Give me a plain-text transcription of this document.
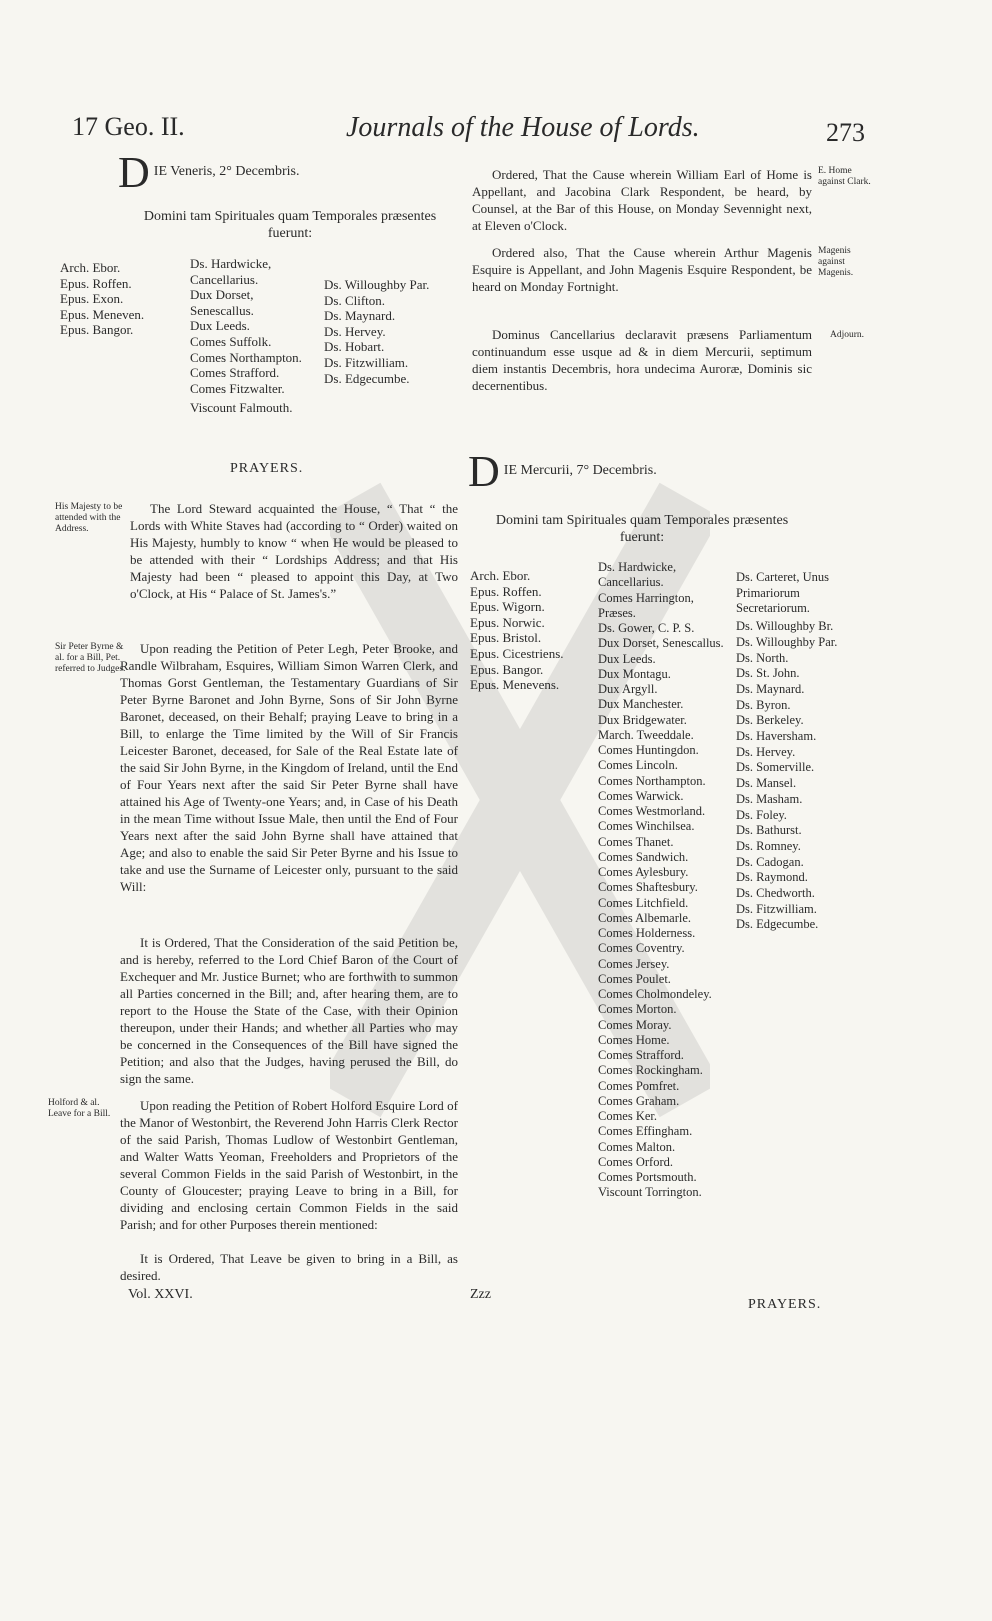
17 Geo. II.	Journals of the House of Lords.	273
D IE Veneris, 2° Decembris.
Domini tam Spirituales quam Temporales præsentes fuerunt:
Arch. Ebor.
Epus. Roffen.
Epus. Exon.
Epus. Meneven.
Epus. Bangor.
Ds. Hardwicke, Cancellarius.
Dux Dorset, Senescallus.
Dux Leeds.
Comes Suffolk.
Comes Northampton.
Comes Strafford.
Comes Fitzwalter.
Viscount Falmouth.
Ds. Willoughby Par.
Ds. Clifton.
Ds. Maynard.
Ds. Hervey.
Ds. Hobart.
Ds. Fitzwilliam.
Ds. Edgecumbe.
PRAYERS.
His Majesty to be attended with the Address.
The Lord Steward acquainted the House, “ That “ the Lords with White Staves had (according to “ Order) waited on His Majesty, humbly to know “ when He would be pleased to be attended with their “ Lordships Address; and that His Majesty had been “ pleased to appoint this Day, at Two o'Clock, at His “ Palace of St. James's.”
Sir Peter Byrne & al. for a Bill, Pet. referred to Judges.
Upon reading the Petition of Peter Legh, Peter Brooke, and Randle Wilbraham, Esquires, William Simon Warren Clerk, and Thomas Gorst Gentleman, the Testamentary Guardians of Sir Peter Byrne Baronet and John Byrne, Sons of Sir John Byrne Baronet, deceased, on their Behalf; praying Leave to bring in a Bill, to enlarge the Time limited by the Will of Sir Francis Leicester Baronet, deceased, for Sale of the Real Estate late of the said Sir John Byrne, in the Kingdom of Ireland, until the End of Four Years next after the said Sir Peter Byrne shall have attained his Age of Twenty-one Years; and, in Case of his Death in the mean Time without Issue Male, then until the End of Four Years next after the said John Byrne shall have attained that Age; and also to enable the said Sir Peter Byrne and his Issue to take and use the Surname of Leicester only, pursuant to the said Will:
It is Ordered, That the Consideration of the said Petition be, and is hereby, referred to the Lord Chief Baron of the Court of Exchequer and Mr. Justice Burnet; who are forthwith to summon all Parties concerned in the Bill; and, after hearing them, are to report to the House the State of the Case, with their Opinion thereupon, under their Hands; and whether all Parties who may be concerned in the Consequences of the Bill have signed the Petition; and also that the Judges, having perused the Bill, do sign the same.
Holford & al. Leave for a Bill.
Upon reading the Petition of Robert Holford Esquire Lord of the Manor of Westonbirt, the Reverend John Harris Clerk Rector of the said Parish, Thomas Ludlow of Westonbirt Gentleman, and Walter Watts Yeoman, Freeholders and Proprietors of the several Common Fields in the said Parish of Westonbirt, in the County of Gloucester; praying Leave to bring in a Bill, for dividing and enclosing certain Common Fields in the said Parish; and for other Purposes therein mentioned:
It is Ordered, That Leave be given to bring in a Bill, as desired.
Vol. XXVI.
E. Home against Clark.
Ordered, That the Cause wherein William Earl of Home is Appellant, and Jacobina Clark Respondent, be heard, by Counsel, at the Bar of this House, on Monday Sevennight next, at Eleven o'Clock.
Magenis against Magenis.
Ordered also, That the Cause wherein Arthur Magenis Esquire is Appellant, and John Magenis Esquire Respondent, be heard on Monday Fortnight.
Adjourn.
Dominus Cancellarius declaravit præsens Parliamentum continuandum esse usque ad & in diem Mercurii, septimum diem instantis Decembris, hora undecima Auroræ, Dominis sic decernentibus.
D IE Mercurii, 7° Decembris.
Domini tam Spirituales quam Temporales præsentes fuerunt:
Arch. Ebor.
Epus. Roffen.
Epus. Wigorn.
Epus. Norwic.
Epus. Bristol.
Epus. Cicestriens.
Epus. Bangor.
Epus. Menevens.
Ds. Hardwicke, Cancellarius.
Comes Harrington, Præses.
Ds. Gower, C. P. S.
Dux Dorset, Senescallus.
Dux Leeds.
Dux Montagu.
Dux Argyll.
Dux Manchester.
Dux Bridgewater.
March. Tweeddale.
Comes Huntingdon.
Comes Lincoln.
Comes Northampton.
Comes Warwick.
Comes Westmorland.
Comes Winchilsea.
Comes Thanet.
Comes Sandwich.
Comes Aylesbury.
Comes Shaftesbury.
Comes Litchfield.
Comes Albemarle.
Comes Holderness.
Comes Coventry.
Comes Jersey.
Comes Poulet.
Comes Cholmondeley.
Comes Morton.
Comes Moray.
Comes Home.
Comes Strafford.
Comes Rockingham.
Comes Pomfret.
Comes Graham.
Comes Ker.
Comes Effingham.
Comes Malton.
Comes Orford.
Comes Portsmouth.
Viscount Torrington.
Ds. Carteret, Unus Primariorum Secretariorum.
Ds. Willoughby Br.
Ds. Willoughby Par.
Ds. North.
Ds. St. John.
Ds. Maynard.
Ds. Byron.
Ds. Berkeley.
Ds. Haversham.
Ds. Hervey.
Ds. Somerville.
Ds. Mansel.
Ds. Masham.
Ds. Foley.
Ds. Bathurst.
Ds. Romney.
Ds. Cadogan.
Ds. Raymond.
Ds. Chedworth.
Ds. Fitzwilliam.
Ds. Edgecumbe.
Zzz
PRAYERS.
